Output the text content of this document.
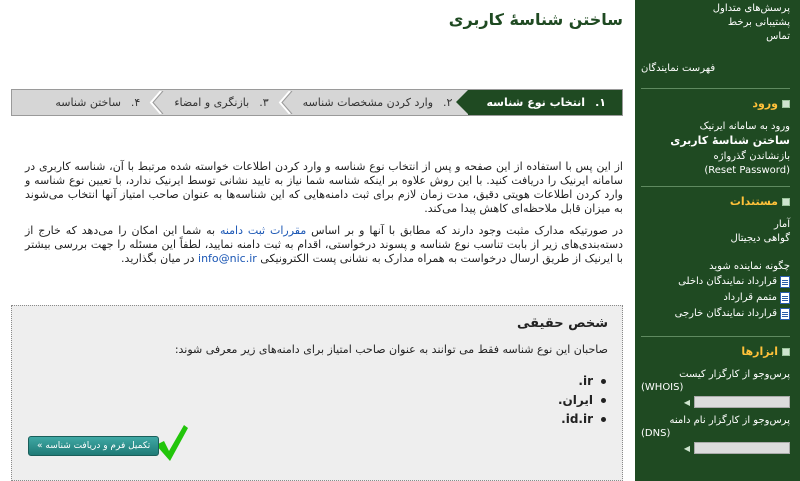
پرسش‌های متداول
پشتیبانی برخط
تماس
فهرست نمایندگان
ورود
ورود به سامانه ایرنیک
ساختن شناسهٔ کاربری
بازنشاندن گذرواژه
(Reset Password)
مستندات
آمار
گواهی دیجیتال
چگونه نماینده شوید
قرارداد نمایندگان داخلی
متمم قرارداد
قرارداد نمایندگان خارجی
ابزارها
پرس‌وجو از کارگزار کیست

(WHOIS)
◀
پرس‌وجو از کارگزار نام دامنه

(DNS)
◀
ساختن شناسهٔ کاربری
۱.
انتخاب نوع شناسه
۲.
وارد کردن مشخصات شناسه
۳.
بازنگری و امضاء
۴.
ساختن شناسه

از این پس با استفاده از این صفحه و پس از انتخاب نوع شناسه و وارد کردن اطلاعات خواسته شده مرتبط با آن، شناسه کاربری در سامانه ایرنیک را دریافت کنید. با این روش علاوه بر اینکه شناسه شما نیاز به تایید نشانی توسط ایرنیک ندارد، با تعیین نوع شناسه و وارد کردن اطلاعات هویتی دقیق، مدت زمان لازم برای ثبت دامنه‌هایی که این شناسه‌ها به عنوان صاحب امتیاز آنها انتخاب می‌شوند به میزان قابل ملاحظه‌ای کاهش پیدا می‌کند.

در صورتیکه مدارک مثبت وجود دارند که مطابق با آنها و بر اساس مقررات ثبت دامنه به شما این امکان را می‌دهد که خارج از دسته‌بندی‌های زیر از بابت تناسب نوع شناسه و پسوند درخواستی، اقدام به ثبت دامنه نمایید، لطفاً این مسئله را جهت بررسی بیشتر با ایرنیک از طریق ارسال درخواست به همراه مدارک به نشانی پست الکترونیکی info@nic.ir در میان بگذارید.

شخص حقیقی
صاحبان این نوع شناسه فقط می توانند به عنوان صاحب امتیاز برای دامنه‌های زیر معرفی شوند:
.ir
.ایران
.id.ir
تکمیل فرم و دریافت شناسه »
